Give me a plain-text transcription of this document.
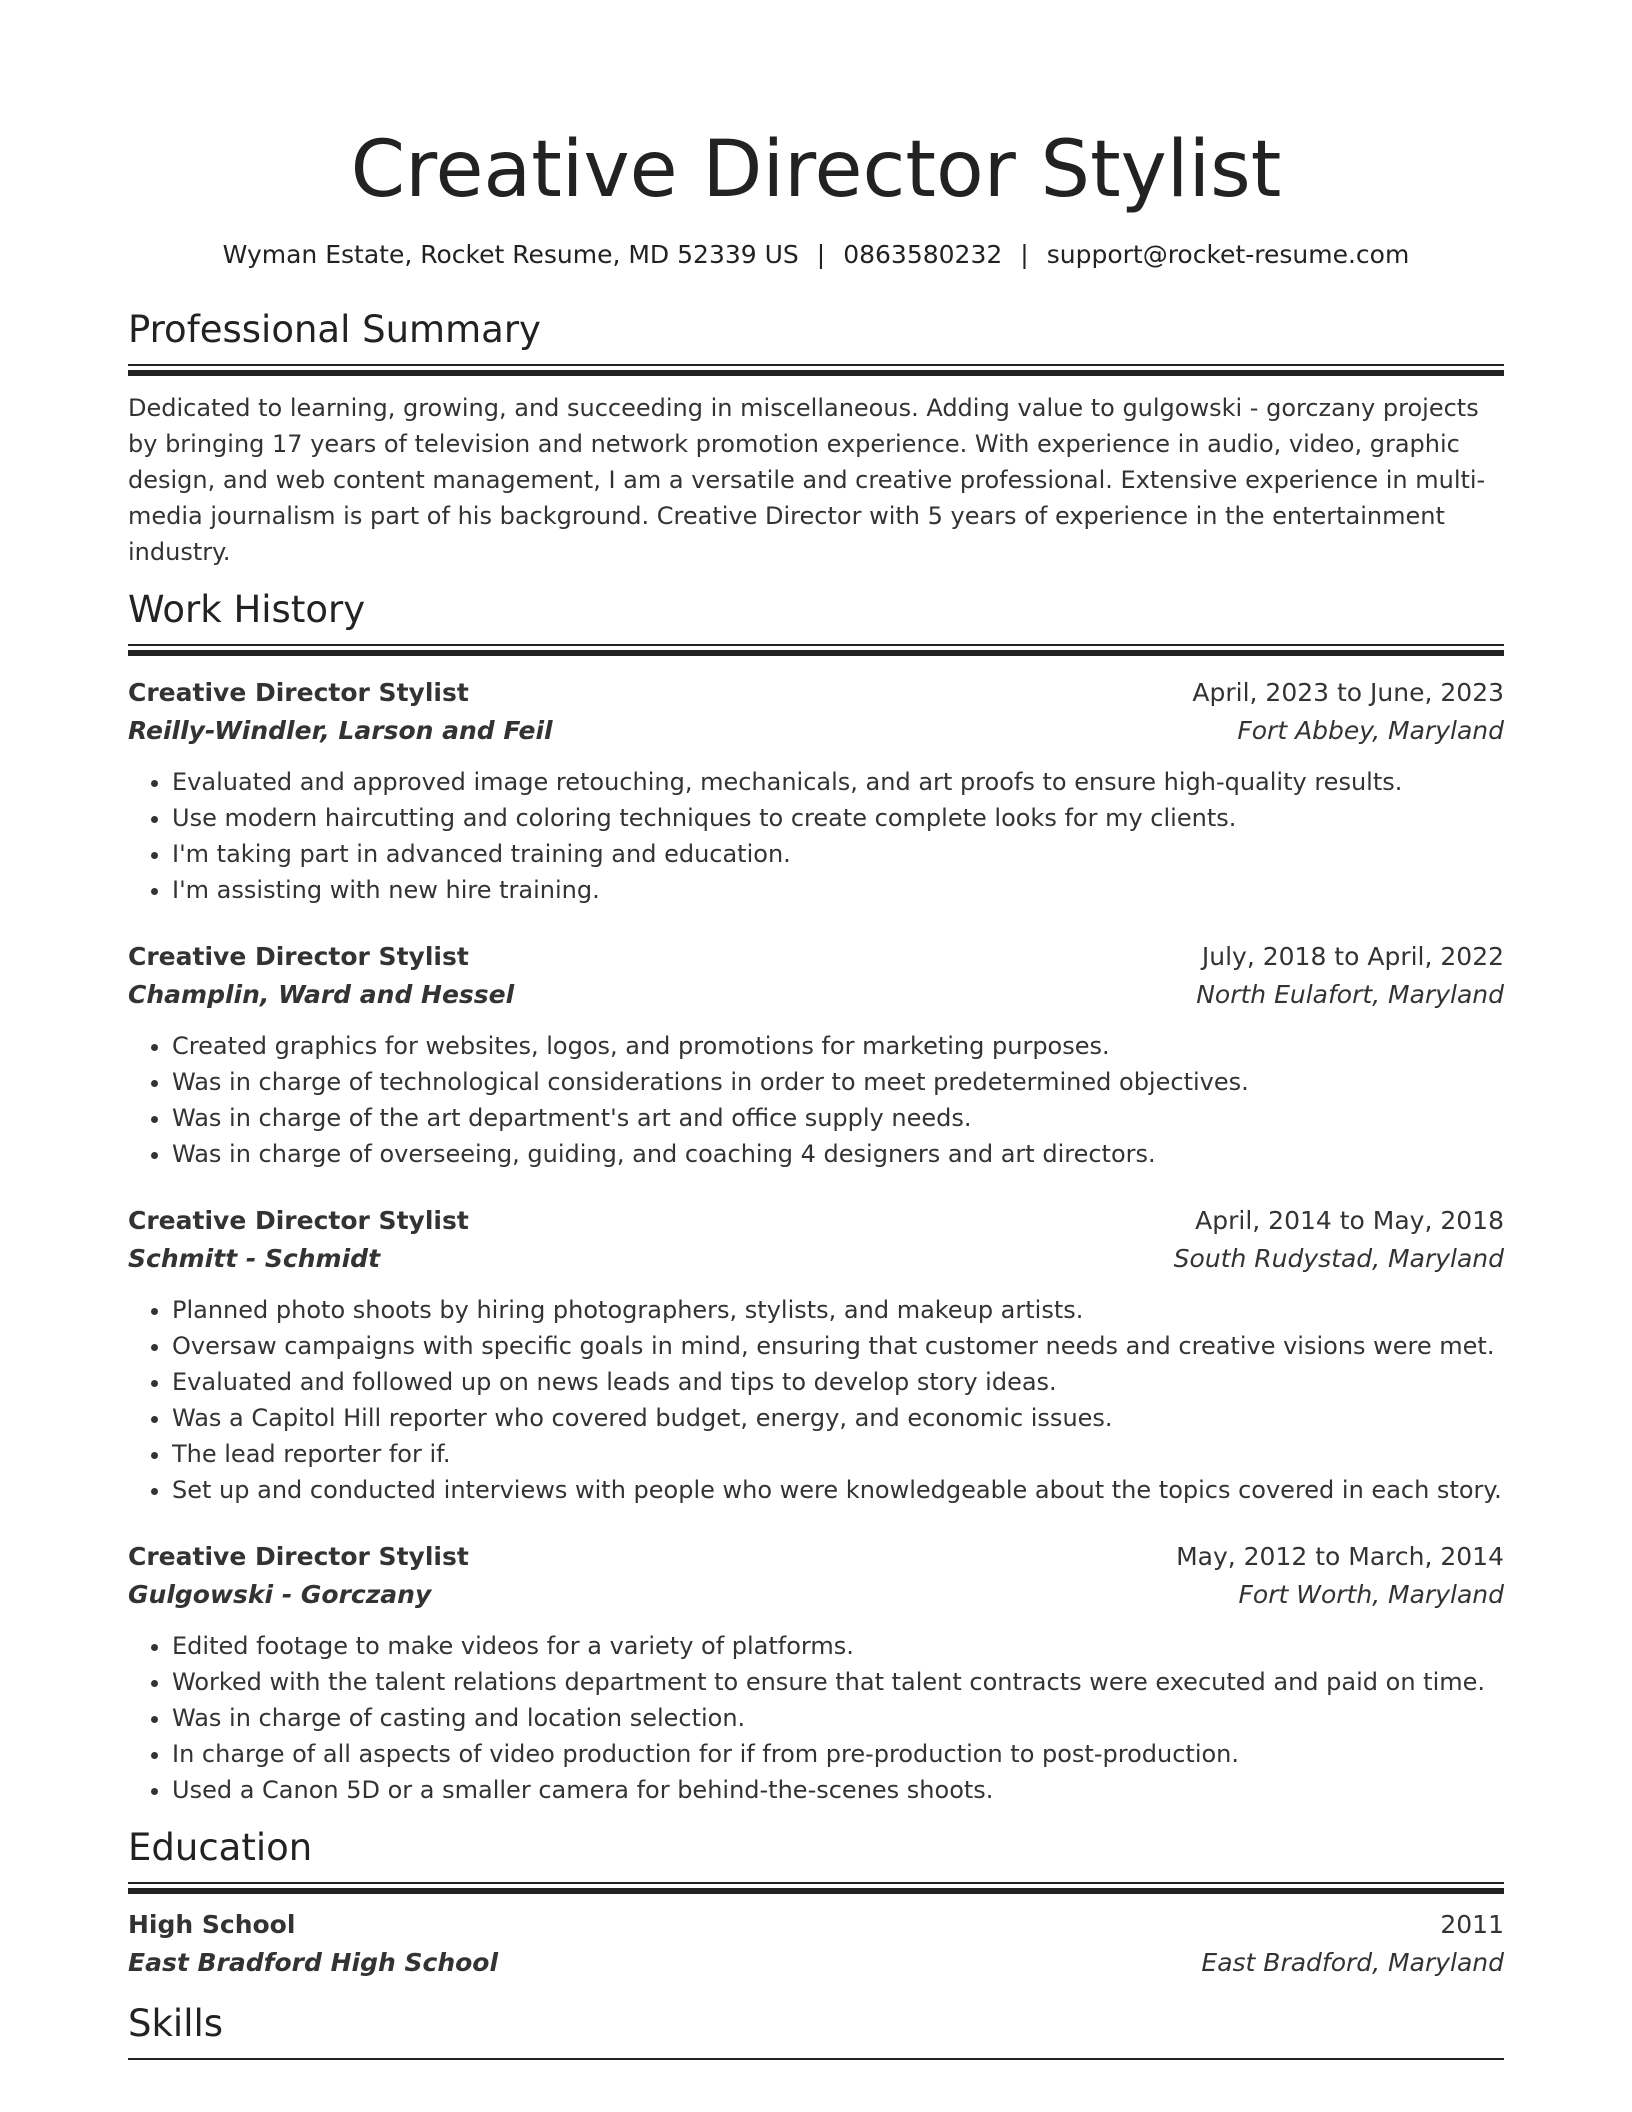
Creative Director Stylist
Wyman Estate, Rocket Resume, MD 52339 US | 0863580232 | support@rocket-resume.com
Professional Summary
Dedicated to learning, growing, and succeeding in miscellaneous. Adding value to gulgowski - gorczany projects by bringing 17 years of television and network promotion experience. With experience in audio, video, graphic design, and web content management, I am a versatile and creative professional. Extensive experience in multi-media journalism is part of his background. Creative Director with 5 years of experience in the entertainment industry.
Work History
Creative Director Stylist	April, 2023 to June, 2023
Reilly-Windler, Larson and Feil	Fort Abbey, Maryland
• Evaluated and approved image retouching, mechanicals, and art proofs to ensure high-quality results.
• Use modern haircutting and coloring techniques to create complete looks for my clients.
• I'm taking part in advanced training and education.
• I'm assisting with new hire training.
Creative Director Stylist	July, 2018 to April, 2022
Champlin, Ward and Hessel	North Eulafort, Maryland
• Created graphics for websites, logos, and promotions for marketing purposes.
• Was in charge of technological considerations in order to meet predetermined objectives.
• Was in charge of the art department's art and office supply needs.
• Was in charge of overseeing, guiding, and coaching 4 designers and art directors.
Creative Director Stylist	April, 2014 to May, 2018
Schmitt - Schmidt	South Rudystad, Maryland
• Planned photo shoots by hiring photographers, stylists, and makeup artists.
• Oversaw campaigns with specific goals in mind, ensuring that customer needs and creative visions were met.
• Evaluated and followed up on news leads and tips to develop story ideas.
• Was a Capitol Hill reporter who covered budget, energy, and economic issues.
• The lead reporter for if.
• Set up and conducted interviews with people who were knowledgeable about the topics covered in each story.
Creative Director Stylist	May, 2012 to March, 2014
Gulgowski - Gorczany	Fort Worth, Maryland
• Edited footage to make videos for a variety of platforms.
• Worked with the talent relations department to ensure that talent contracts were executed and paid on time.
• Was in charge of casting and location selection.
• In charge of all aspects of video production for if from pre-production to post-production.
• Used a Canon 5D or a smaller camera for behind-the-scenes shoots.
Education
High School	2011
East Bradford High School	East Bradford, Maryland
Skills
